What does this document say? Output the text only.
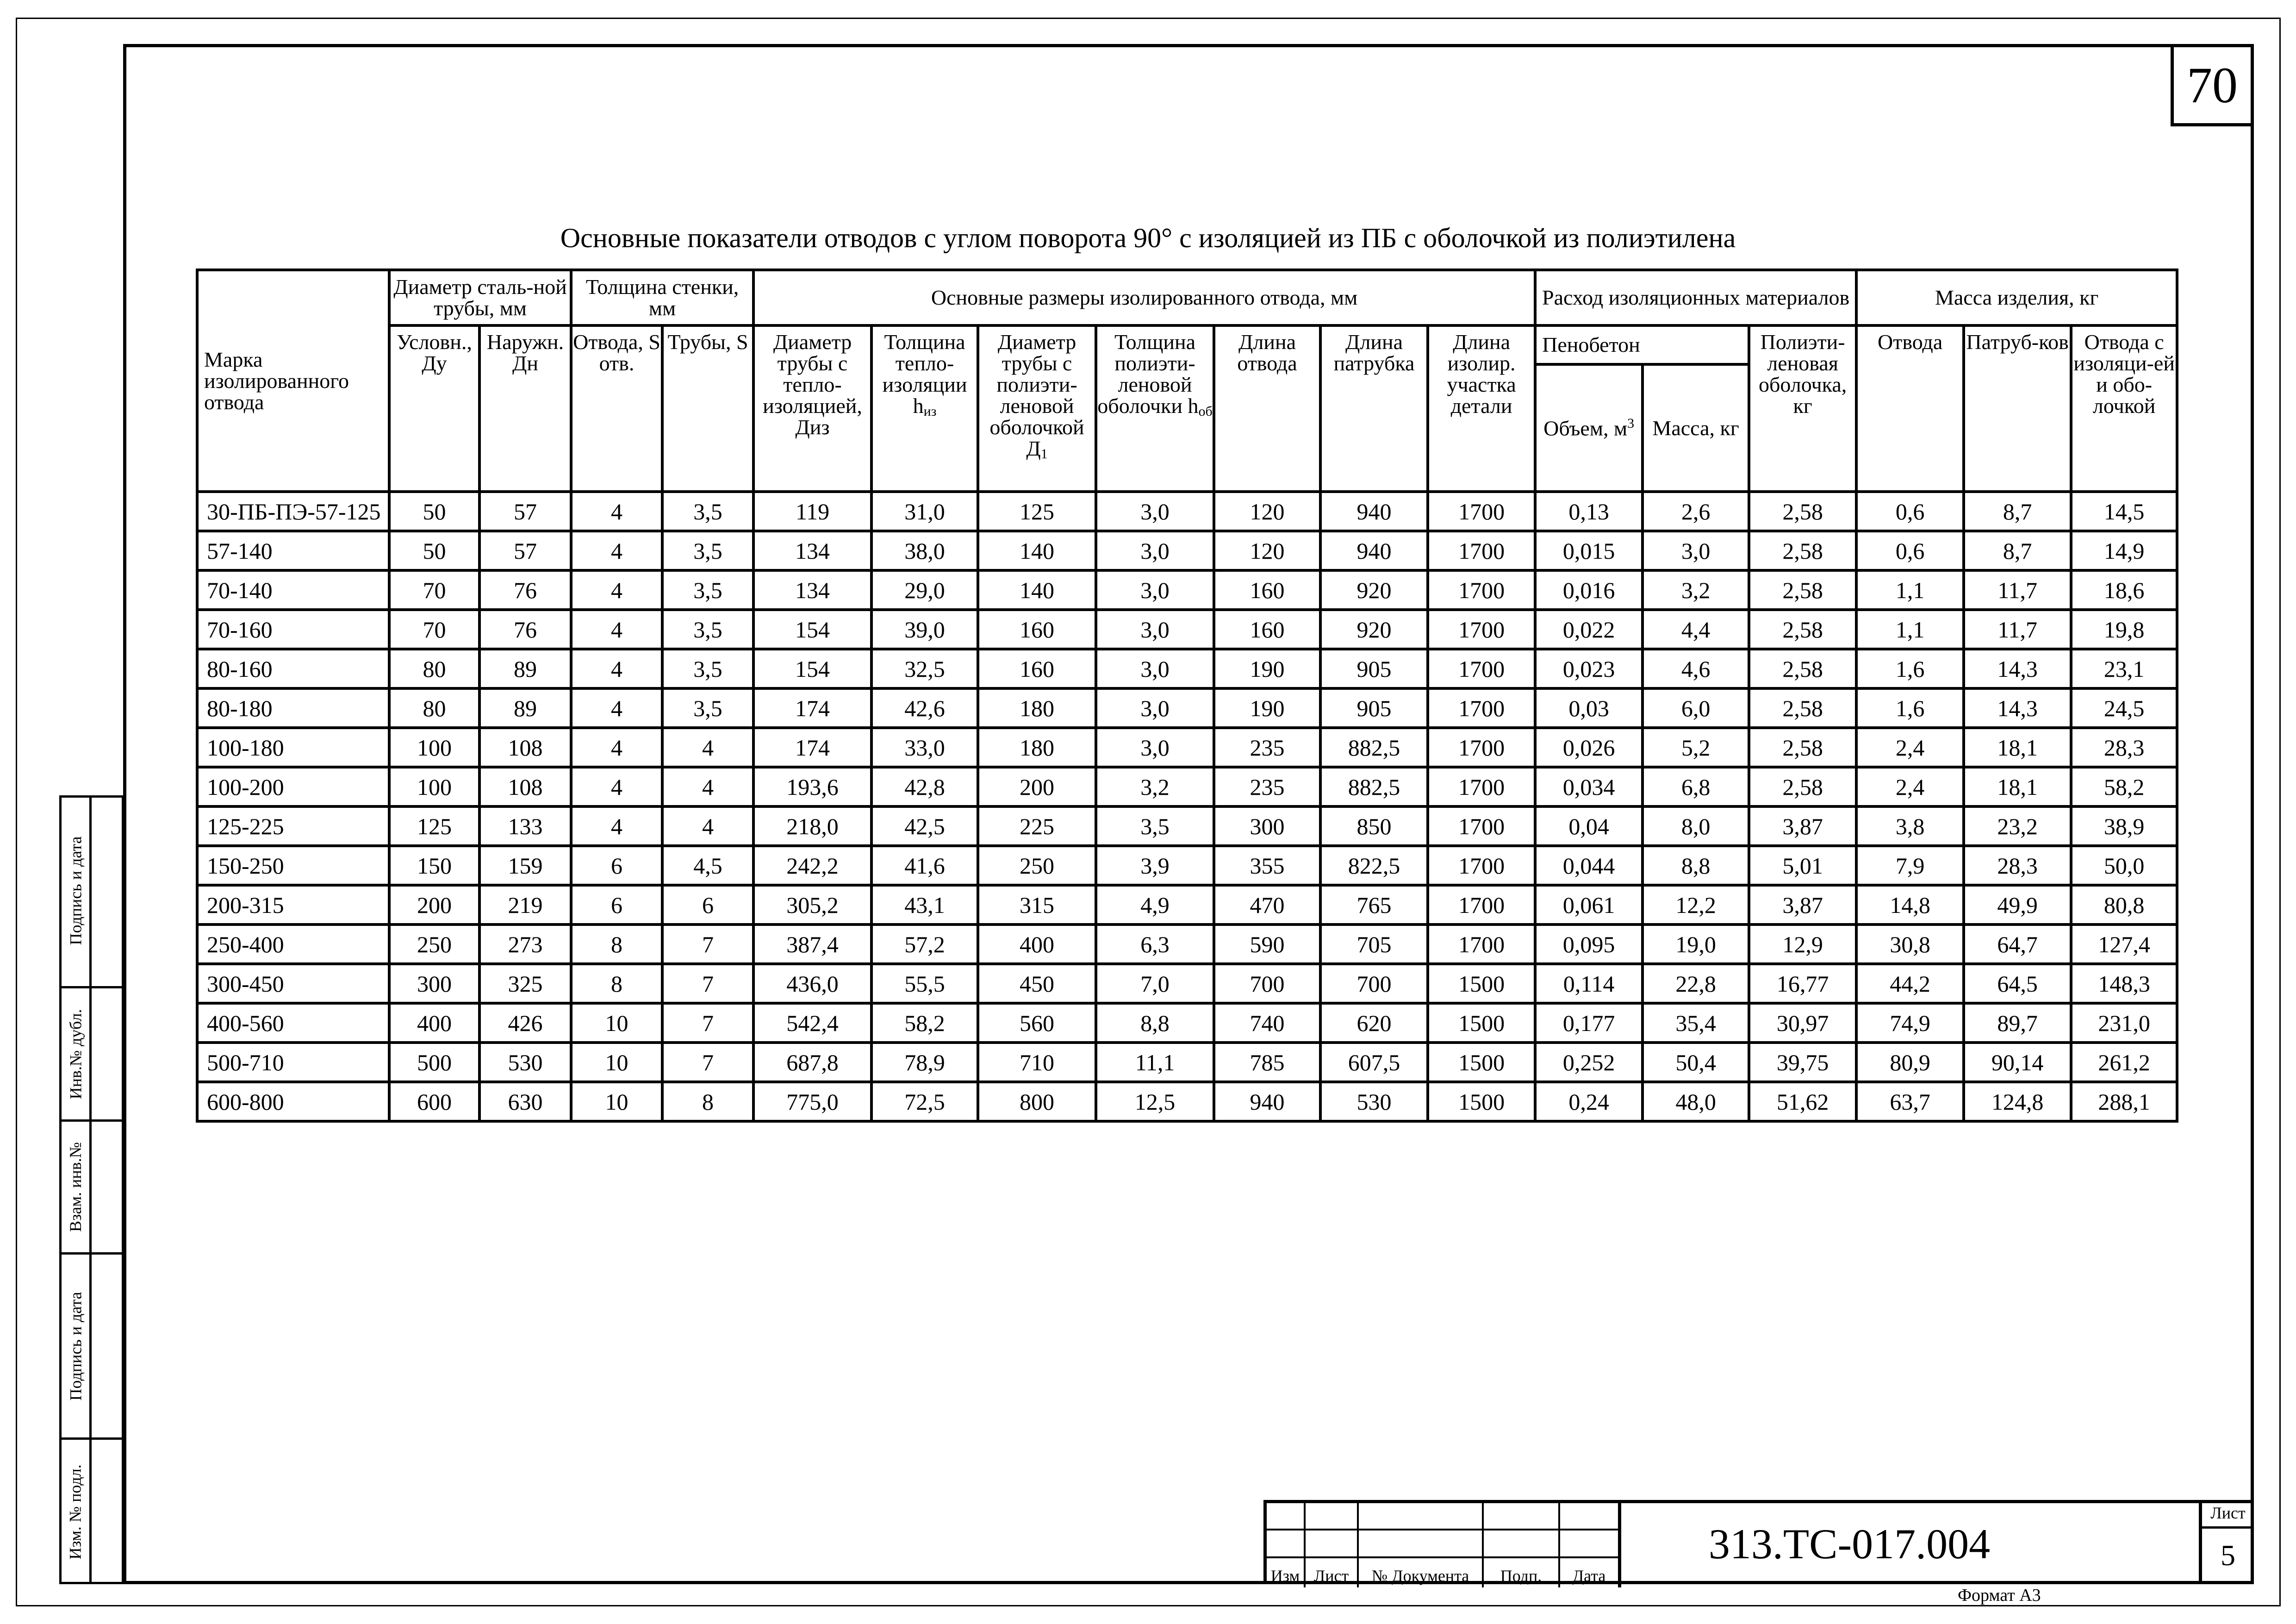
70
Основные показатели отводов с углом поворота 90° с изоляцией из ПБ с оболочкой из полиэтилена
Марка изолированного отвода	Диаметр сталь-ной трубы, мм		Толщина стенки, мм		Основные размеры изолированного отвода, мм							Расход изоляционных материалов			Масса изделия, кг		
	Условн., Ду	Наружн. Дн	Отвода, S отв.	Трубы, S	Диаметр трубы с тепло-изоляцией, Диз	Толщина тепло-изоляции $h_{из}$	Диаметр трубы с полиэти-леновой оболочкой $Д_1$	Толщина полиэти-леновой оболочки $h_{об}$	Длина отвода	Длина патрубка	Длина изолир. участка детали	Пенобетон		Полиэти-леновая оболочка, кг	Отвода	Патруб-ков	Отвода с изоляци-ей и обо-лочкой
												Объем, $м^3$	Масса, кг				
30-ПБ-ПЭ-57-125	50	57	4	3,5	119	31,0	125	3,0	120	940	1700	0,13	2,6	2,58	0,6	8,7	14,5
57-140	50	57	4	3,5	134	38,0	140	3,0	120	940	1700	0,015	3,0	2,58	0,6	8,7	14,9
70-140	70	76	4	3,5	134	29,0	140	3,0	160	920	1700	0,016	3,2	2,58	1,1	11,7	18,6
70-160	70	76	4	3,5	154	39,0	160	3,0	160	920	1700	0,022	4,4	2,58	1,1	11,7	19,8
80-160	80	89	4	3,5	154	32,5	160	3,0	190	905	1700	0,023	4,6	2,58	1,6	14,3	23,1
80-180	80	89	4	3,5	174	42,6	180	3,0	190	905	1700	0,03	6,0	2,58	1,6	14,3	24,5
100-180	100	108	4	4	174	33,0	180	3,0	235	882,5	1700	0,026	5,2	2,58	2,4	18,1	28,3
100-200	100	108	4	4	193,6	42,8	200	3,2	235	882,5	1700	0,034	6,8	2,58	2,4	18,1	58,2
125-225	125	133	4	4	218,0	42,5	225	3,5	300	850	1700	0,04	8,0	3,87	3,8	23,2	38,9
150-250	150	159	6	4,5	242,2	41,6	250	3,9	355	822,5	1700	0,044	8,8	5,01	7,9	28,3	50,0
200-315	200	219	6	6	305,2	43,1	315	4,9	470	765	1700	0,061	12,2	3,87	14,8	49,9	80,8
250-400	250	273	8	7	387,4	57,2	400	6,3	590	705	1700	0,095	19,0	12,9	30,8	64,7	127,4
300-450	300	325	8	7	436,0	55,5	450	7,0	700	700	1500	0,114	22,8	16,77	44,2	64,5	148,3
400-560	400	426	10	7	542,4	58,2	560	8,8	740	620	1500	0,177	35,4	30,97	74,9	89,7	231,0
500-710	500	530	10	7	687,8	78,9	710	11,1	785	607,5	1500	0,252	50,4	39,75	80,9	90,14	261,2
600-800	600	630	10	8	775,0	72,5	800	12,5	940	530	1500	0,24	48,0	51,62	63,7	124,8	288,1
Подпись и дата
Инв.№ дубл.
Взам. инв.№
Подпись и дата
Изм. № подл.
Изм Лист	№ Документа	Подп.	Дата
313.ТС-017.004
Лист
5
Формат А3
